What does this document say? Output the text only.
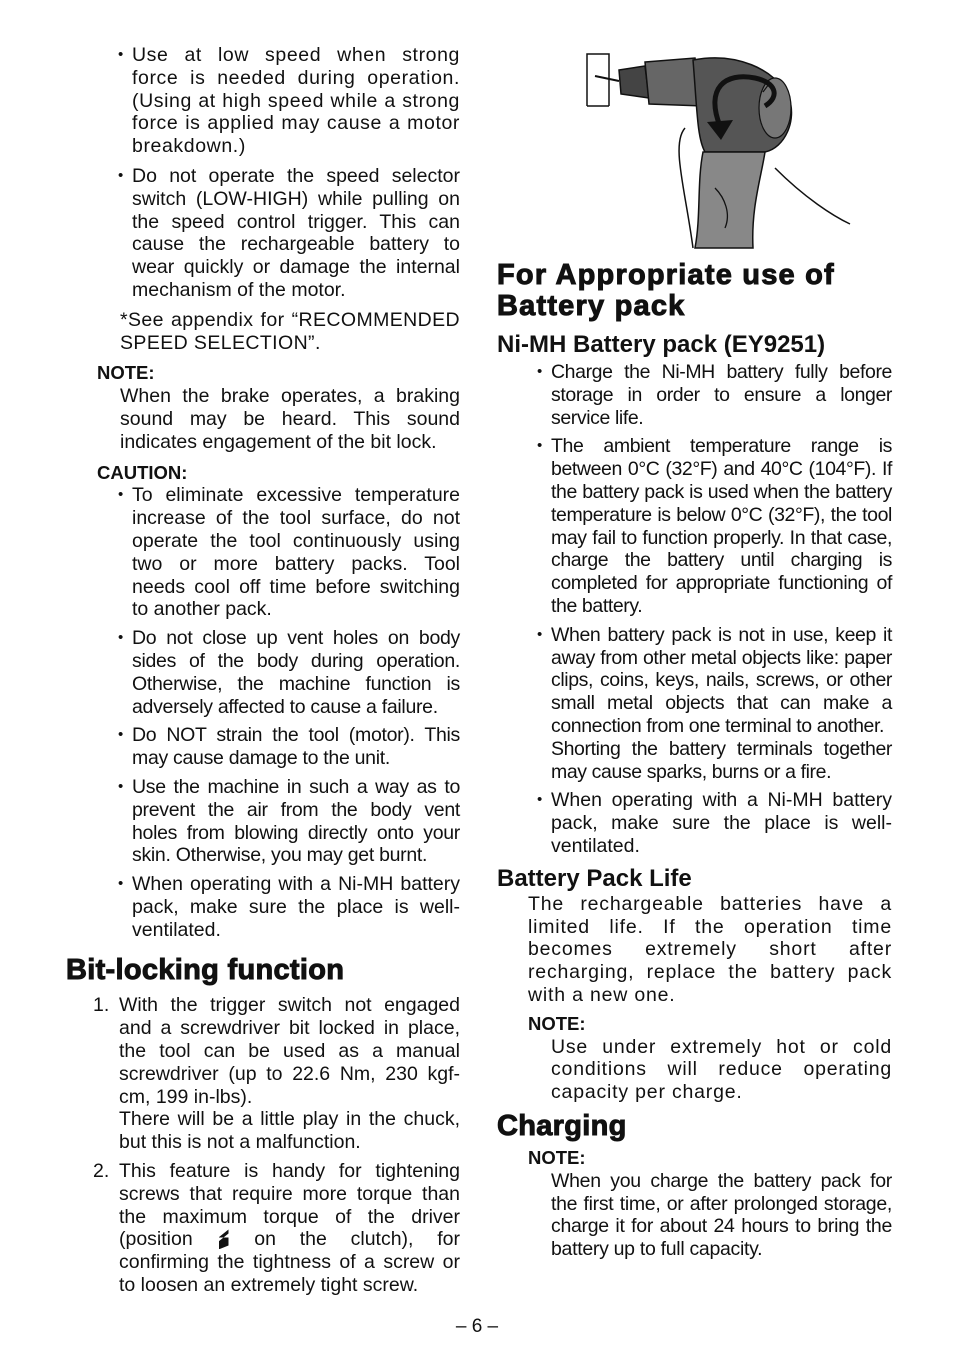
• Use at low speed when strong force is needed during operation. (Using at high speed while a strong force is applied may cause a motor breakdown.)

• Do not operate the speed selector switch (LOW-HIGH) while pulling on the speed control trigger. This can cause the rechargeable battery to wear quickly or damage the internal mechanism of the motor.

*See appendix for “RECOMMENDED SPEED SELECTION”.

NOTE:

When the brake operates, a braking sound may be heard. This sound indicates engagement of the bit lock.

CAUTION:

• To eliminate excessive temperature increase of the tool surface, do not operate the tool continuously using two or more battery packs. Tool needs cool off time before switching to another pack.

• Do not close up vent holes on body sides of the body during operation. Otherwise, the machine function is adversely affected to cause a failure.

• Do NOT strain the tool (motor). This may cause damage to the unit.

• Use the machine in such a way as to prevent the air from the body vent holes from blowing directly onto your skin. Otherwise, you may get burnt.

• When operating with a Ni-MH battery pack, make sure the place is well-ventilated.

Bit-locking function
1. With the trigger switch not engaged and a screwdriver bit locked in place, the tool can be used as a manual screwdriver (up to 22.6 Nm, 230 kgf-cm, 199 in-lbs).
There will be a little play in the chuck, but this is not a malfunction.
2. This feature is handy for tightening screws that require more torque than the maximum torque of the driver (position	on the clutch), for confirming the tightness of a screw or to loosen an extremely tight screw.
For Appropriate use of Battery pack
Ni-MH Battery pack (EY9251)

• Charge the Ni-MH battery fully before storage in order to ensure a longer service life.

• The ambient temperature range is between 0°C (32°F) and 40°C (104°F). If the battery pack is used when the battery temperature is below 0°C (32°F), the tool may fail to function properly. In that case, charge the battery until charging is completed for appropriate functioning of the battery.

• When battery pack is not in use, keep it away from other metal objects like: paper clips, coins, keys, nails, screws, or other small metal objects that can make a connection from one terminal to another.

Shorting the battery terminals together may cause sparks, burns or a fire.

• When operating with a Ni-MH battery pack, make sure the place is well-ventilated.

Battery Pack Life

The rechargeable batteries have a limited life. If the operation time becomes extremely short after recharging, replace the battery pack with a new one.

NOTE:

Use under extremely hot or cold conditions will reduce operating capacity per charge.

Charging

NOTE:

When you charge the battery pack for the first time, or after prolonged storage, charge it for about 24 hours to bring the battery up to full capacity.

– 6 –
